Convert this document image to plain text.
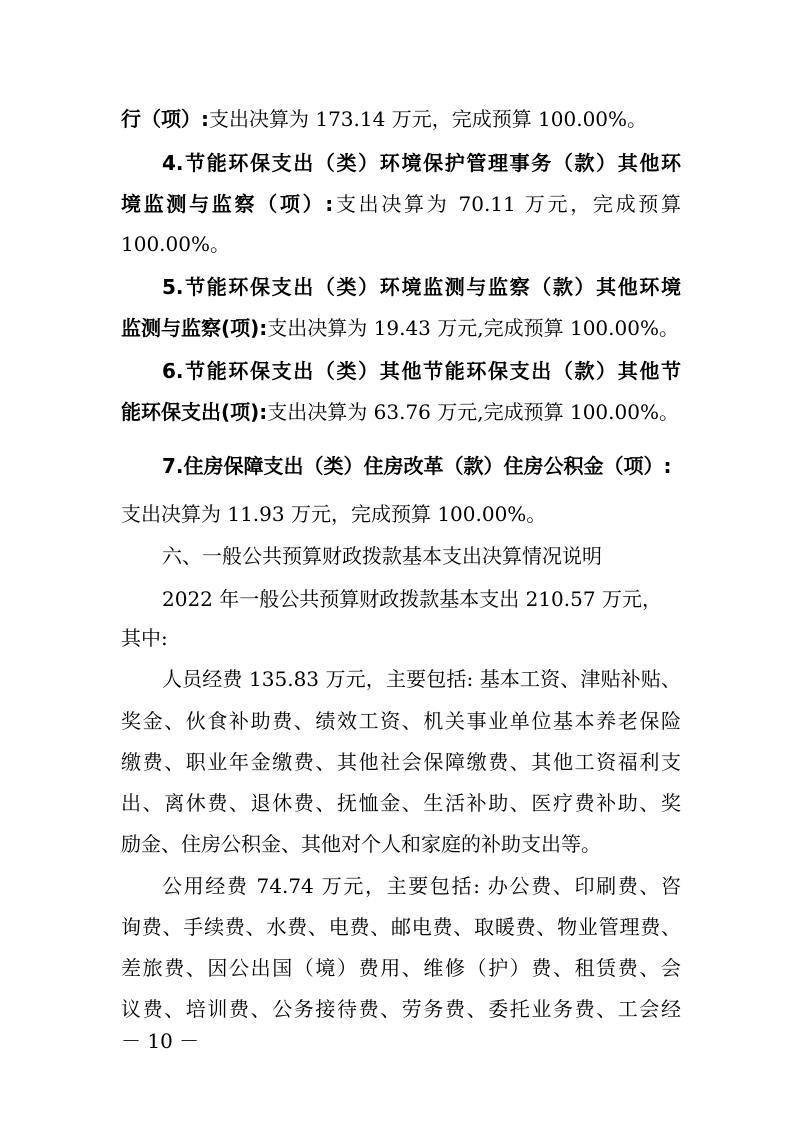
行（项）:支出决算为 173.14 万元，完成预算 100.00%。
4.节能环保支出（类）环境保护管理事务（款）其他环
境监测与监察（项）:支出决算为 70.11 万元，完成预算
100.00%。
5.节能环保支出（类）环境监测与监察（款）其他环境
监测与监察(项):支出决算为 19.43 万元,完成预算 100.00%。
6.节能环保支出（类）其他节能环保支出（款）其他节
能环保支出(项):支出决算为 63.76 万元,完成预算 100.00%。
7.住房保障支出（类）住房改革（款）住房公积金（项）:
支出决算为 11.93 万元，完成预算 100.00%。
六、一般公共预算财政拨款基本支出决算情况说明
2022 年一般公共预算财政拨款基本支出 210.57 万元，
其中:
人员经费 135.83 万元，主要包括: 基本工资、津贴补贴、
奖金、伙食补助费、绩效工资、机关事业单位基本养老保险
缴费、职业年金缴费、其他社会保障缴费、其他工资福利支
出、离休费、退休费、抚恤金、生活补助、医疗费补助、奖
励金、住房公积金、其他对个人和家庭的补助支出等。
公用经费 74.74 万元，主要包括: 办公费、印刷费、咨
询费、手续费、水费、电费、邮电费、取暖费、物业管理费、
差旅费、因公出国（境）费用、维修（护）费、租赁费、会
议费、培训费、公务接待费、劳务费、委托业务费、工会经
－ 10 －
